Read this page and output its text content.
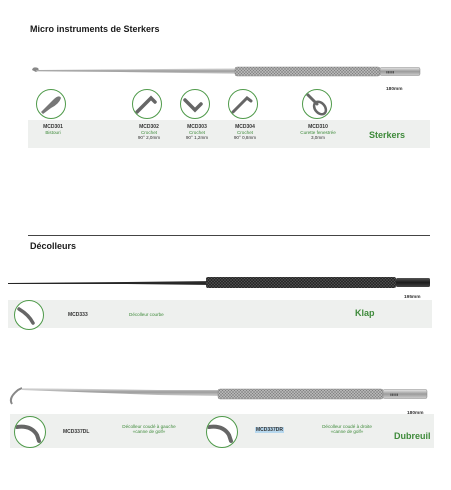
Micro instruments de Sterkers
▮▮▮▮▮
180mm
MCD301
Bistouri
MCD302
Crochet
90° 2,0mm
MCD303
Crochet
90° 1,2mm
MCD304
Crochet
90° 0,8mm
MCD310
Curette fenestrée
3,0mm	Sterkers
Décolleurs
195mm
MCD333	Décolleur courbe	Klap
▮▮▮▮▮
MCD337DL
Décolleur coudé à gauche
«canne de golf»	MCD337DR
Décolleur coudé à droite
«canne de golf»	Dubreuil
